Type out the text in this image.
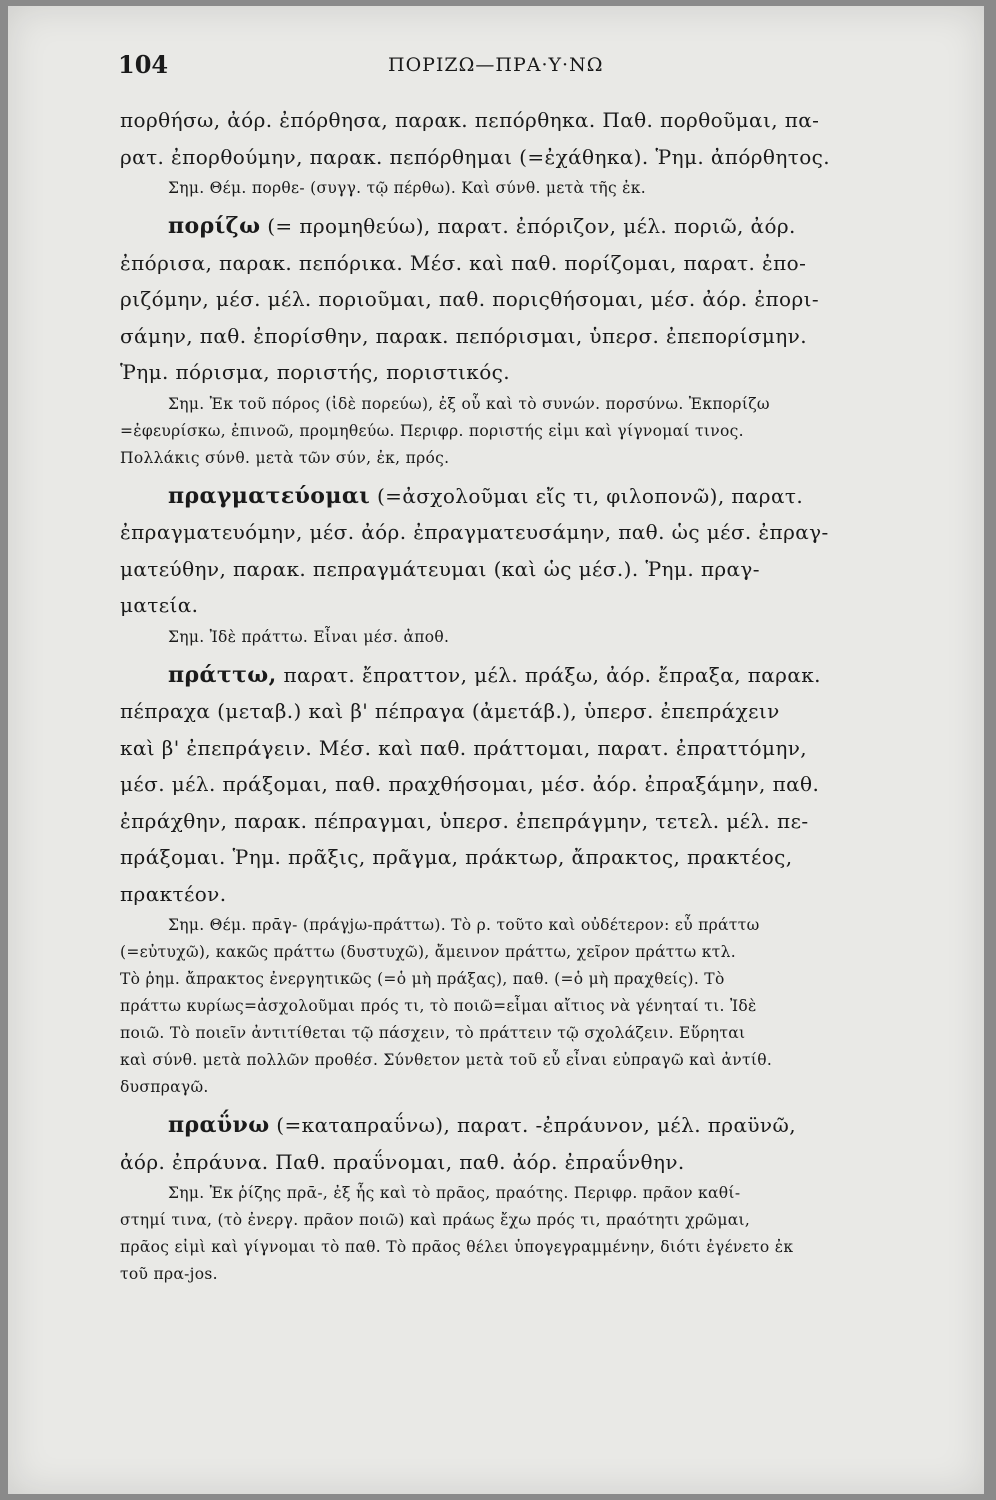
104	ΠΟΡΙΖΩ—ΠΡΑ·Υ·ΝΩ
πορθήσω, ἀόρ. ἐπόρθησα, παρακ. πεπόρθηκα. Παθ. πορθοῦμαι, πα-
ρατ. ἐπορθούμην, παρακ. πεπόρθημαι (=ἐχάθηκα). Ῥημ. ἀπόρθητος.
Σημ. Θέμ. πορθε- (συγγ. τῷ πέρθω). Καὶ σύνθ. μετὰ τῆς ἐκ.
πορίζω (= προμηθεύω), παρατ. ἐπόριζον, μέλ. ποριῶ, ἀόρ.
ἐπόρισα, παρακ. πεπόρικα. Μέσ. καὶ παθ. πορίζομαι, παρατ. ἐπο-
ριζόμην, μέσ. μέλ. ποριοῦμαι, παθ. ποριςθήσομαι, μέσ. ἀόρ. ἐπορι-
σάμην, παθ. ἐπορίσθην, παρακ. πεπόρισμαι, ὑπερσ. ἐπεπορίσμην.
Ῥημ. πόρισμα, ποριστής, ποριστικός.
Σημ. Ἐκ τοῦ πόρος (ἰδὲ πορεύω), ἐξ οὗ καὶ τὸ συνών. πορσύνω. Ἐκπορίζω
=ἐφευρίσκω, ἐπινοῶ, προμηθεύω. Περιφρ. ποριστής εἰμι καὶ γίγνομαί τινος.
Πολλάκις σύνθ. μετὰ τῶν σύν, ἐκ, πρός.
πραγματεύομαι (=ἀσχολοῦμαι εἴς τι, φιλοπονῶ), παρατ.
ἐπραγματευόμην, μέσ. ἀόρ. ἐπραγματευσάμην, παθ. ὡς μέσ. ἐπραγ-
ματεύθην, παρακ. πεπραγμάτευμαι (καὶ ὡς μέσ.). Ῥημ. πραγ-
ματεία.
Σημ. Ἰδὲ πράττω. Εἶναι μέσ. ἀποθ.
πράττω, παρατ. ἔπραττον, μέλ. πράξω, ἀόρ. ἔπραξα, παρακ.
πέπραχα (μεταβ.) καὶ β' πέπραγα (ἀμετάβ.), ὑπερσ. ἐπεπράχειν
καὶ β' ἐπεπράγειν. Μέσ. καὶ παθ. πράττομαι, παρατ. ἐπραττόμην,
μέσ. μέλ. πράξομαι, παθ. πραχθήσομαι, μέσ. ἀόρ. ἐπραξάμην, παθ.
ἐπράχθην, παρακ. πέπραγμαι, ὑπερσ. ἐπεπράγμην, τετελ. μέλ. πε-
πράξομαι. Ῥημ. πρᾶξις, πρᾶγμα, πράκτωρ, ἄπρακτος, πρακτέος,
πρακτέον.
Σημ. Θέμ. πρᾱγ- (πράγjω-πράττω). Τὸ ρ. τοῦτο καὶ οὐδέτερον: εὖ πράττω
(=εὐτυχῶ), κακῶς πράττω (δυστυχῶ), ἄμεινον πράττω, χεῖρον πράττω κτλ.
Τὸ ῥημ. ἄπρακτος ἐνεργητικῶς (=ὁ μὴ πράξας), παθ. (=ὁ μὴ πραχθείς). Τὸ
πράττω κυρίως=ἀσχολοῦμαι πρός τι, τὸ ποιῶ=εἶμαι αἴτιος νὰ γένηταί τι. Ἰδὲ
ποιῶ. Τὸ ποιεῖν ἀντιτίθεται τῷ πάσχειν, τὸ πράττειν τῷ σχολάζειν. Εὕρηται
καὶ σύνθ. μετὰ πολλῶν προθέσ. Σύνθετον μετὰ τοῦ εὖ εἶναι εὐπραγῶ καὶ ἀντίθ.
δυσπραγῶ.
πραΰνω (=καταπραΰνω), παρατ. -ἐπράυνον, μέλ. πραϋνῶ,
ἀόρ. ἐπράυνα. Παθ. πραΰνομαι, παθ. ἀόρ. ἐπραΰνθην.
Σημ. Ἐκ ῥίζης πρᾱ-, ἐξ ἧς καὶ τὸ πρᾶος, πραότης. Περιφρ. πρᾶον καθί-
στημί τινα, (τὸ ἐνεργ. πρᾶον ποιῶ) καὶ πράως ἔχω πρός τι, πραότητι χρῶμαι,
πρᾶος εἰμὶ καὶ γίγνομαι τὸ παθ. Τὸ πρᾶος θέλει ὑπογεγραμμένην, διότι ἐγένετο ἐκ
τοῦ πρα-jos.
